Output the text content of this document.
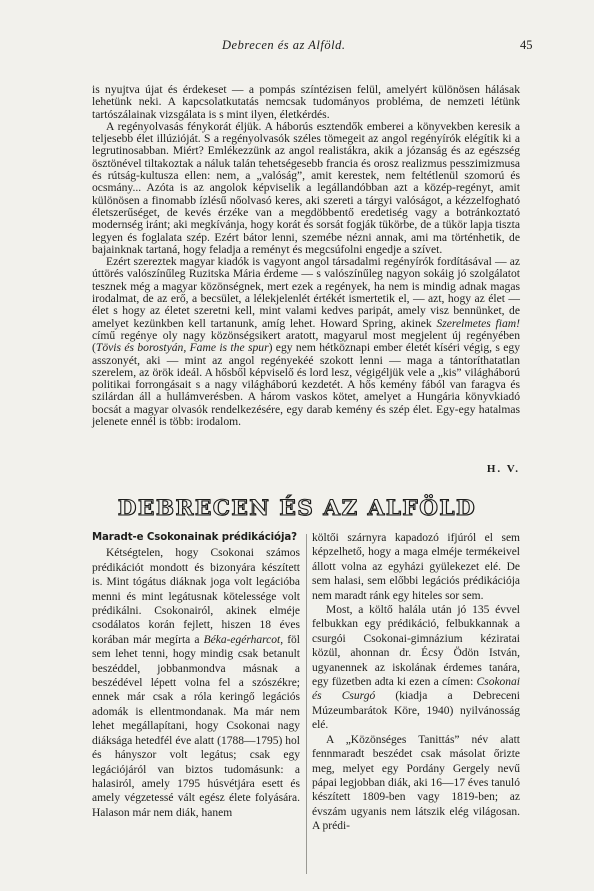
Debrecen és az Alföld.	45

is nyujtva újat és érdekeset — a pompás színtézisen felül, amelyért különösen hálásak lehetünk neki. A kapcsolatkutatás nemcsak tudományos probléma, de nemzeti létünk tartószálainak vizsgálata is s mint ilyen, életkérdés.

A regényolvasás fénykorát éljük. A háborús esztendők emberei a könyvekben keresik a teljesebb élet illúzióját. S a regényolvasók széles tömegeit az angol regényírók elégítik ki a legrutinosabban. Miért? Emlékezzünk az angol realistákra, akik a józanság és az egészség ösztönével tiltakoztak a náluk talán tehetségesebb francia és orosz realizmus pesszimizmusa és rútság-kultusza ellen: nem, a „valóság”, amit kerestek, nem feltétlenül szomorú és ocsmány... Azóta is az angolok képviselik a legállandóbban azt a közép-regényt, amit különösen a finomabb ízlésű nőolvasó keres, aki szereti a tárgyi valóságot, a kézzelfogható életszerűséget, de kevés érzéke van a megdöbbentő eredetiség vagy a botránkoztató modernség iránt; aki megkívánja, hogy korát és sorsát fogják tükörbe, de a tükör lapja tiszta legyen és foglalata szép. Ezért bátor lenni, szemébe nézni annak, ami ma történhetik, de bajainknak tartaná, hogy feladja a reményt és megcsúfolni engedje a szívet.

Ezért szereztek magyar kiadók is vagyont angol társadalmi regényírók fordításával — az úttörés valószínűleg Ruzitska Mária érdeme — s valószínűleg nagyon sokáig jó szolgálatot tesznek még a magyar közönségnek, mert ezek a regények, ha nem is mindig adnak magas irodalmat, de az erő, a becsület, a lélekjelenlét értékét ismertetik el, — azt, hogy az élet — élet s hogy az életet szeretni kell, mint valami kedves paripát, amely visz bennünket, de amelyet kezünkben kell tartanunk, amíg lehet. Howard Spring, akinek Szerelmetes fiam! című regénye oly nagy közönségsikert aratott, magyarul most megjelent új regényében (Tövis és borostyán, Fame is the spur) egy nem hétköznapi ember életét kíséri végig, s egy asszonyét, aki — mint az angol regényekéé szokott lenni — maga a tántoríthatatlan szerelem, az örök ideál. A hősből képviselő és lord lesz, végigéljük vele a „kis” világháború politikai forrongásait s a nagy világháború kezdetét. A hős kemény fából van faragva és szilárdan áll a hullámverésben. A három vaskos kötet, amelyet a Hungária könyvkiadó bocsát a magyar olvasók rendelkezésére, egy darab kemény és szép élet. Egy-egy hatalmas jelenete ennél is több: irodalom.

H. V.
DEBRECEN ÉS AZ ALFÖLD

Maradt-e Csokonainak prédikációja?

Kétségtelen, hogy Csokonai számos prédikációt mondott és bizonyára készített is. Mint tógátus diáknak joga volt legációba menni és mint legátusnak kötelessége volt prédikálni. Csokonairól, akinek elméje csodálatos korán fejlett, hiszen 18 éves korában már megírta a Béka-egérharcot, föl sem lehet tenni, hogy mindig csak betanult beszéddel, jobbanmondva másnak a beszédével lépett volna fel a szószékre; ennek már csak a róla keringő legációs adomák is ellentmondanak. Ma már nem lehet megállapítani, hogy Csokonai nagy diáksága hetedfél éve alatt (1788—1795) hol és hányszor volt legátus; csak egy legációjáról van biztos tudomásunk: a halasiról, amely 1795 húsvétjára esett és amely végzetessé vált egész élete folyására. Halason már nem diák, hanem

költői szárnyra kapadozó ifjúról el sem képzelhető, hogy a maga elméje termékeivel állott volna az egyházi gyülekezet elé. De sem halasi, sem előbbi legációs prédikációja nem maradt ránk egy hiteles sor sem.

Most, a költő halála után jó 135 évvel felbukkan egy prédikáció, felbukkannak a csurgói Csokonai-gimnázium kéziratai közül, ahonnan dr. Écsy Ödön István, ugyanennek az iskolának érdemes tanára, egy füzetben adta ki ezen a címen: Csokonai és Csurgó (kiadja a Debreceni Múzeumbarátok Köre, 1940) nyilvánosság elé.

A „Közönséges Tanittás” név alatt fennmaradt beszédet csak másolat őrizte meg, melyet egy Pordány Gergely nevű pápai legjobban diák, aki 16—17 éves tanuló készített 1809-ben vagy 1819-ben; az évszám ugyanis nem látszik elég világosan. A prédi-
